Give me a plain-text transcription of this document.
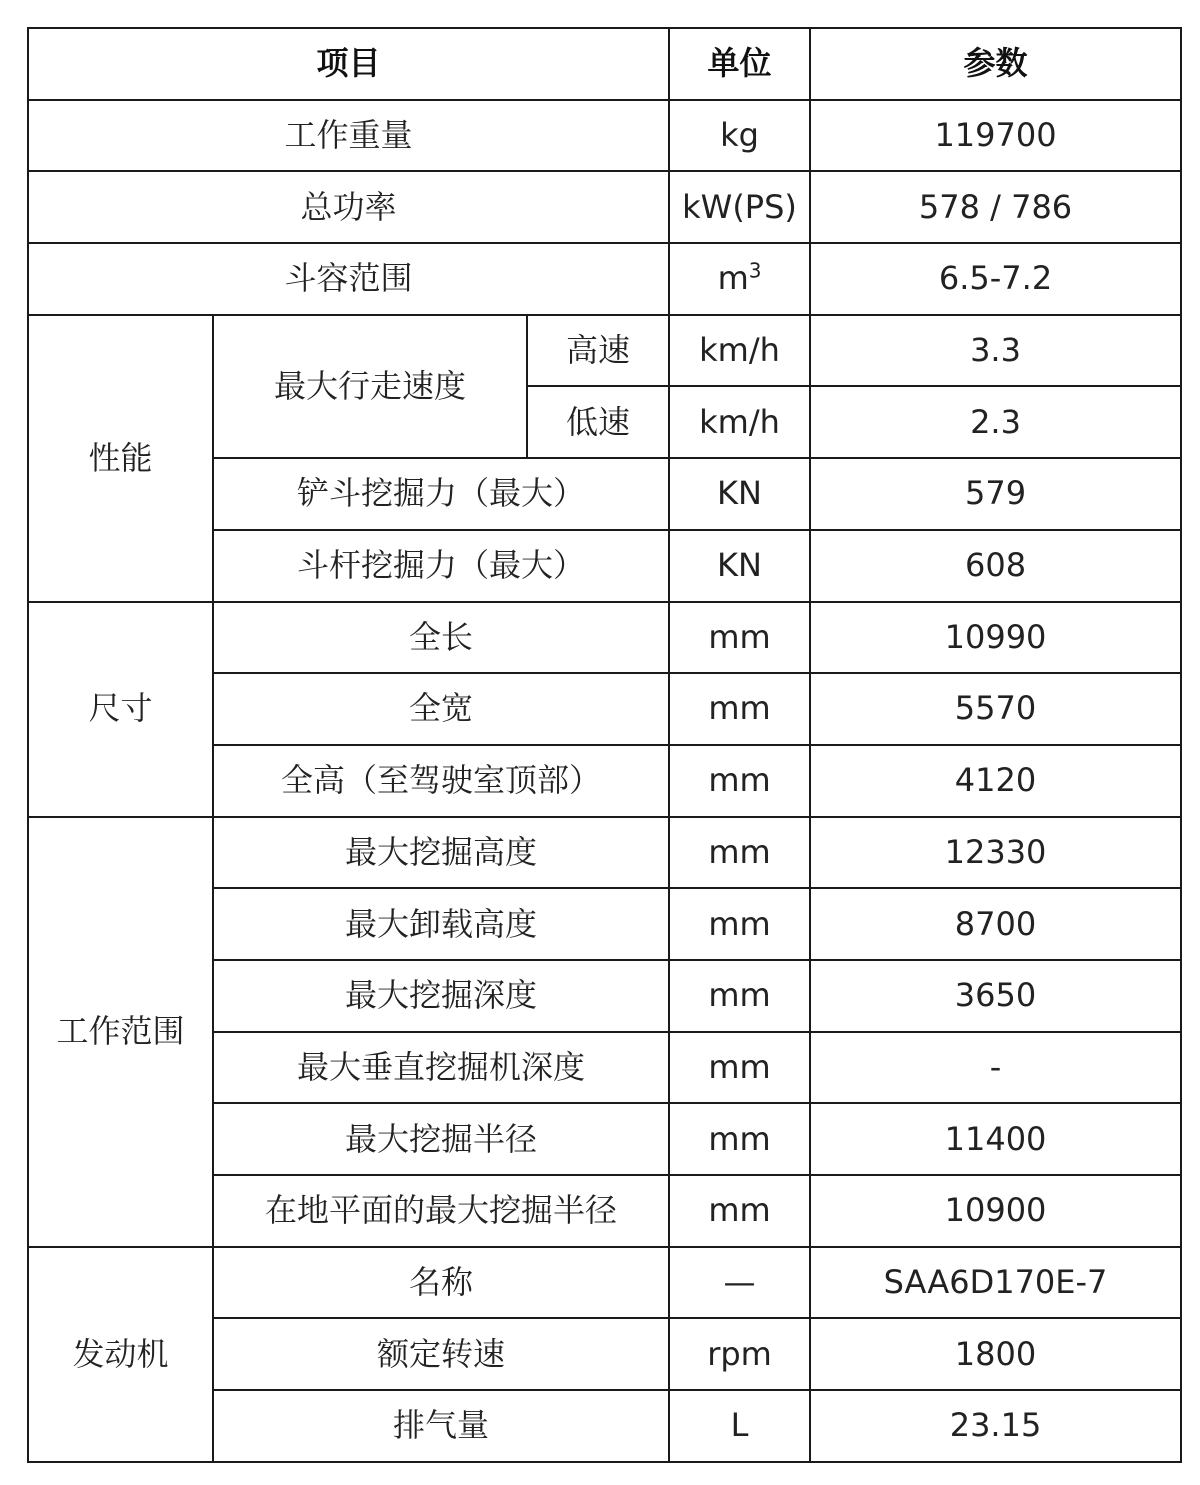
项目			单位	参数
工作重量			kg	119700
总功率			kW(PS)	578 / 786
斗容范围			$m^3$	6.5-7.2
性能	最大行走速度	高速	km/h	3.3
		低速	km/h	2.3
	铲斗挖掘力（最大）		KN	579
	斗杆挖掘力（最大）		KN	608
尺寸	全长		mm	10990
	全宽		mm	5570
	全高（至驾驶室顶部）		mm	4120
工作范围	最大挖掘高度		mm	12330
	最大卸载高度		mm	8700
	最大挖掘深度		mm	3650
	最大垂直挖掘机深度		mm	-
	最大挖掘半径		mm	11400
	在地平面的最大挖掘半径		mm	10900
发动机	名称		—	SAA6D170E-7
	额定转速		rpm	1800
	排气量		L	23.15
